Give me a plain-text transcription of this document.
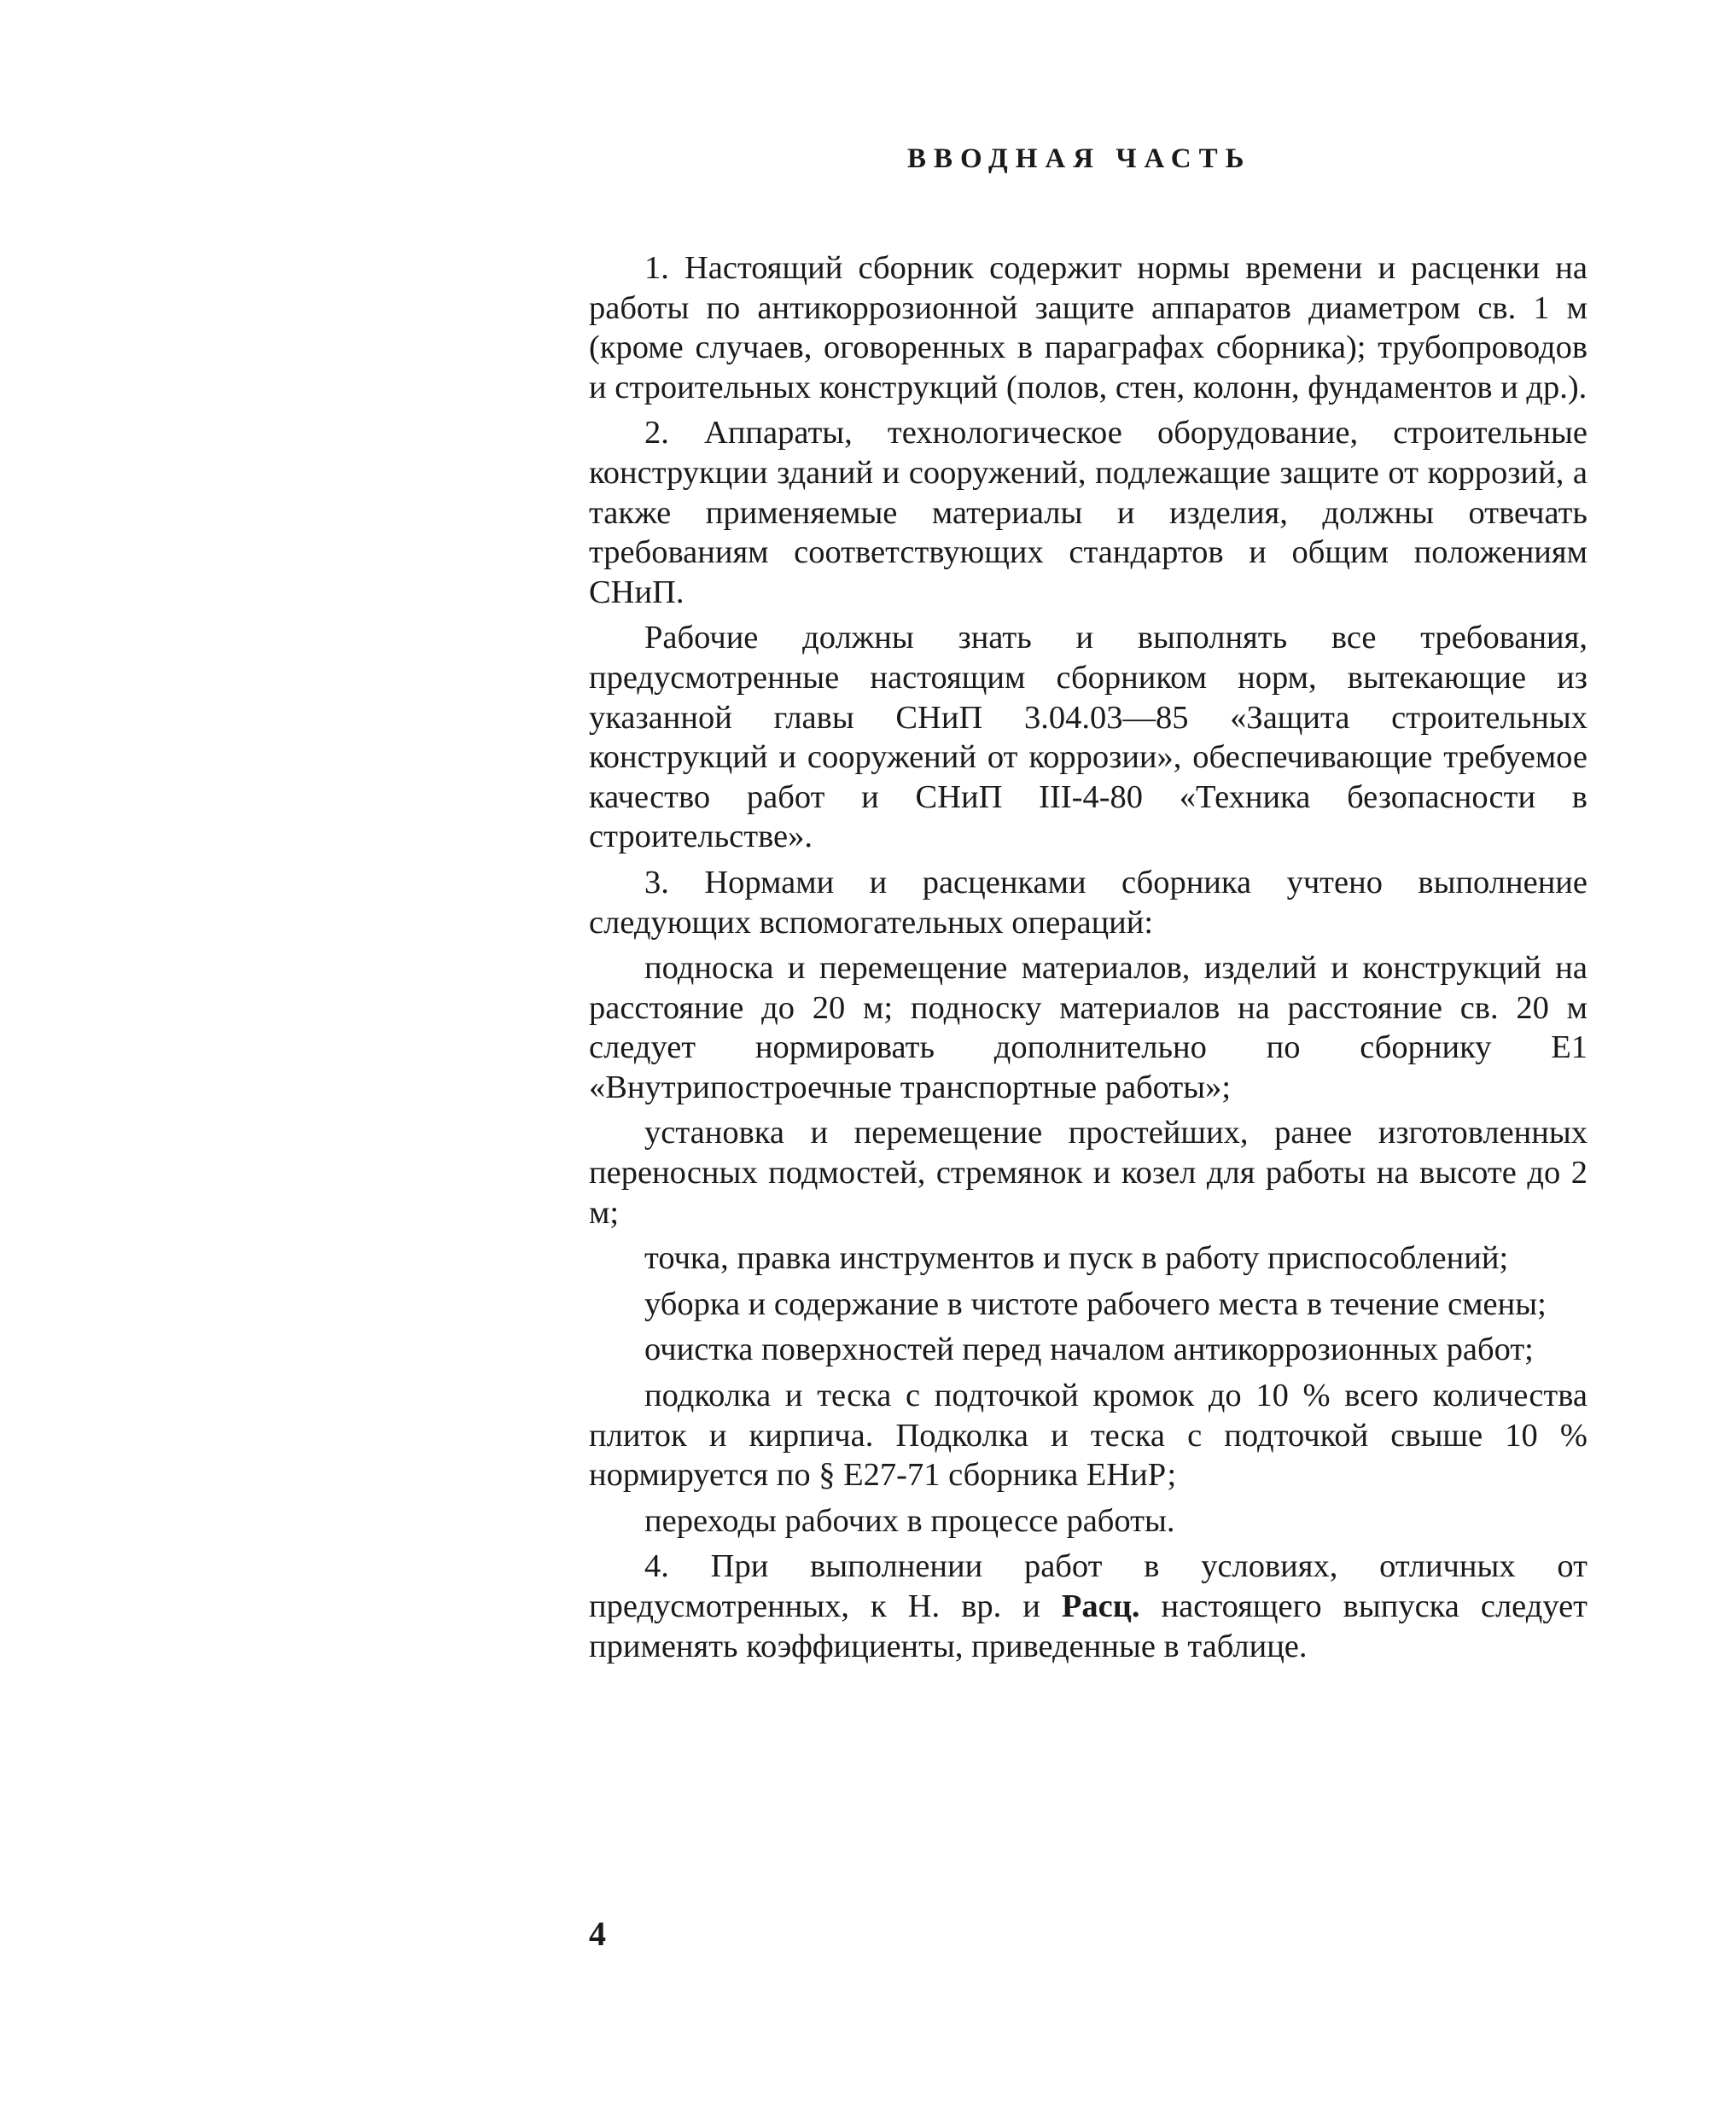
ВВОДНАЯ ЧАСТЬ

1. Настоящий сборник содержит нормы времени и расценки на работы по антикоррозионной защите аппаратов диаметром св. 1 м (кроме случаев, оговоренных в параграфах сборника); трубопроводов и строительных конструкций (полов, стен, колонн, фундаментов и др.).

2. Аппараты, технологическое оборудование, строительные конструкции зданий и сооружений, подлежащие защите от коррозий, а также применяемые материалы и изделия, должны отвечать требованиям соответствующих стандартов и общим положениям СНиП.

Рабочие должны знать и выполнять все требования, предусмотренные настоящим сборником норм, вытекающие из указанной главы СНиП 3.04.03—85 «Защита строительных конструкций и сооружений от коррозии», обеспечивающие требуемое качество работ и СНиП III-4-80 «Техника безопасности в строительстве».

3. Нормами и расценками сборника учтено выполнение следующих вспомогательных операций:

подноска и перемещение материалов, изделий и конструкций на расстояние до 20 м; подноску материалов на расстояние св. 20 м следует нормировать дополнительно по сборнику Е1 «Внутрипостроечные транспортные работы»;

установка и перемещение простейших, ранее изготовленных переносных подмостей, стремянок и козел для работы на высоте до 2 м;

точка, правка инструментов и пуск в работу приспособлений;

уборка и содержание в чистоте рабочего места в течение смены;

очистка поверхностей перед началом антикоррозионных работ;

подколка и теска с подточкой кромок до 10 % всего количества плиток и кирпича. Подколка и теска с подточкой свыше 10 % нормируется по § Е27-71 сборника ЕНиР;

переходы рабочих в процессе работы.

4. При выполнении работ в условиях, отличных от предусмотренных, к Н. вр. и Расц. настоящего выпуска следует применять коэффициенты, приведенные в таблице.

4
